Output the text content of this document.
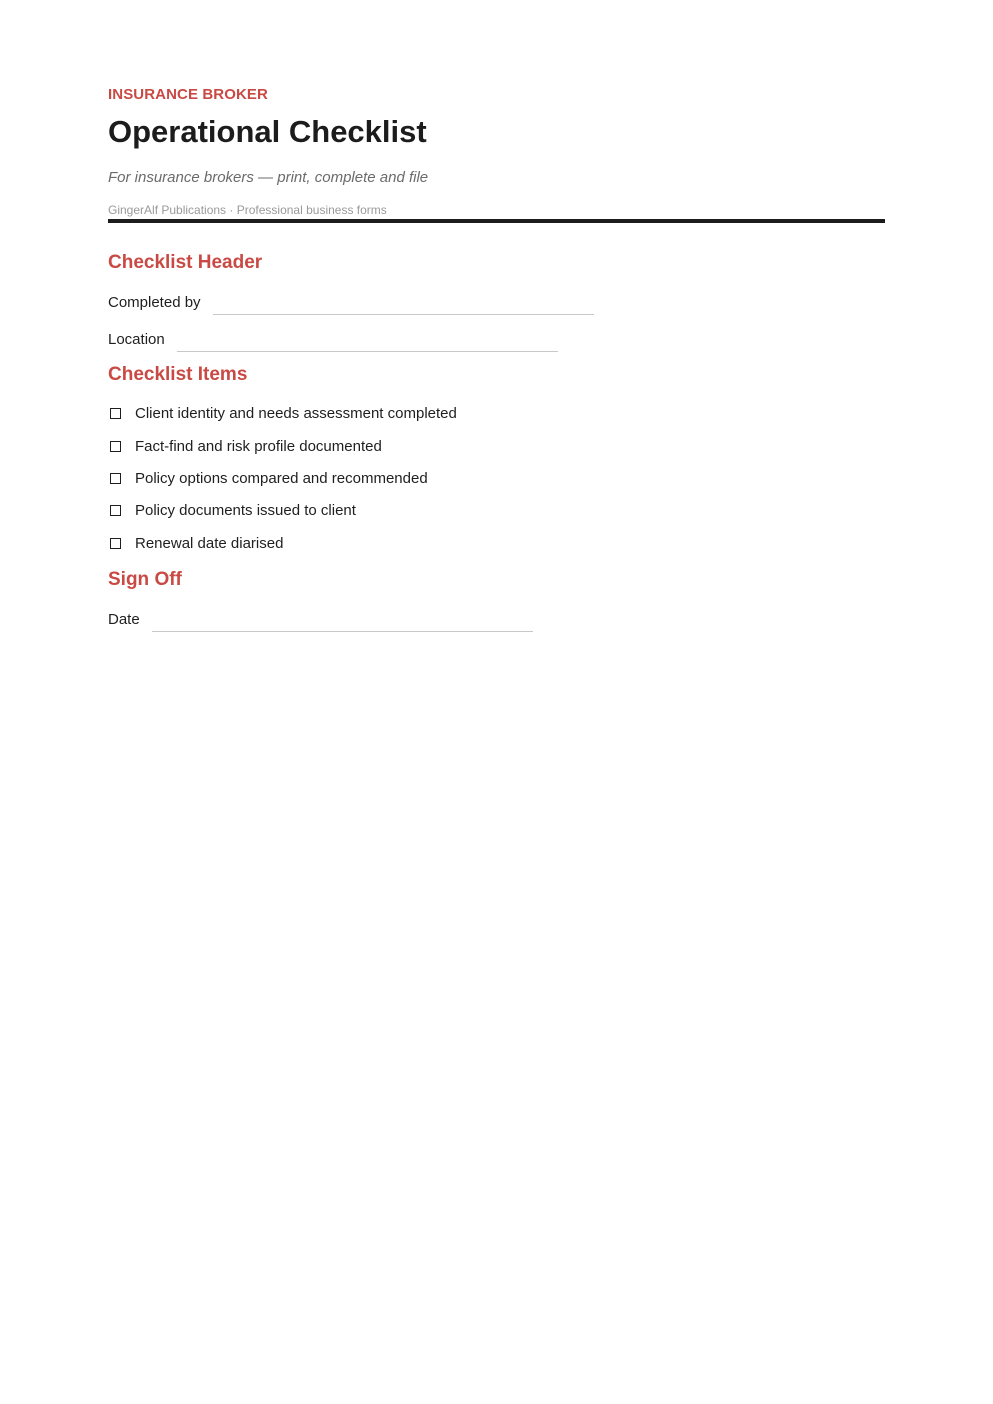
INSURANCE BROKER
Operational Checklist
For insurance brokers — print, complete and file
GingerAlf Publications · Professional business forms
Checklist Header
Completed by
Location
Checklist Items
Client identity and needs assessment completed
Fact-find and risk profile documented
Policy options compared and recommended
Policy documents issued to client
Renewal date diarised
Sign Off
Date
